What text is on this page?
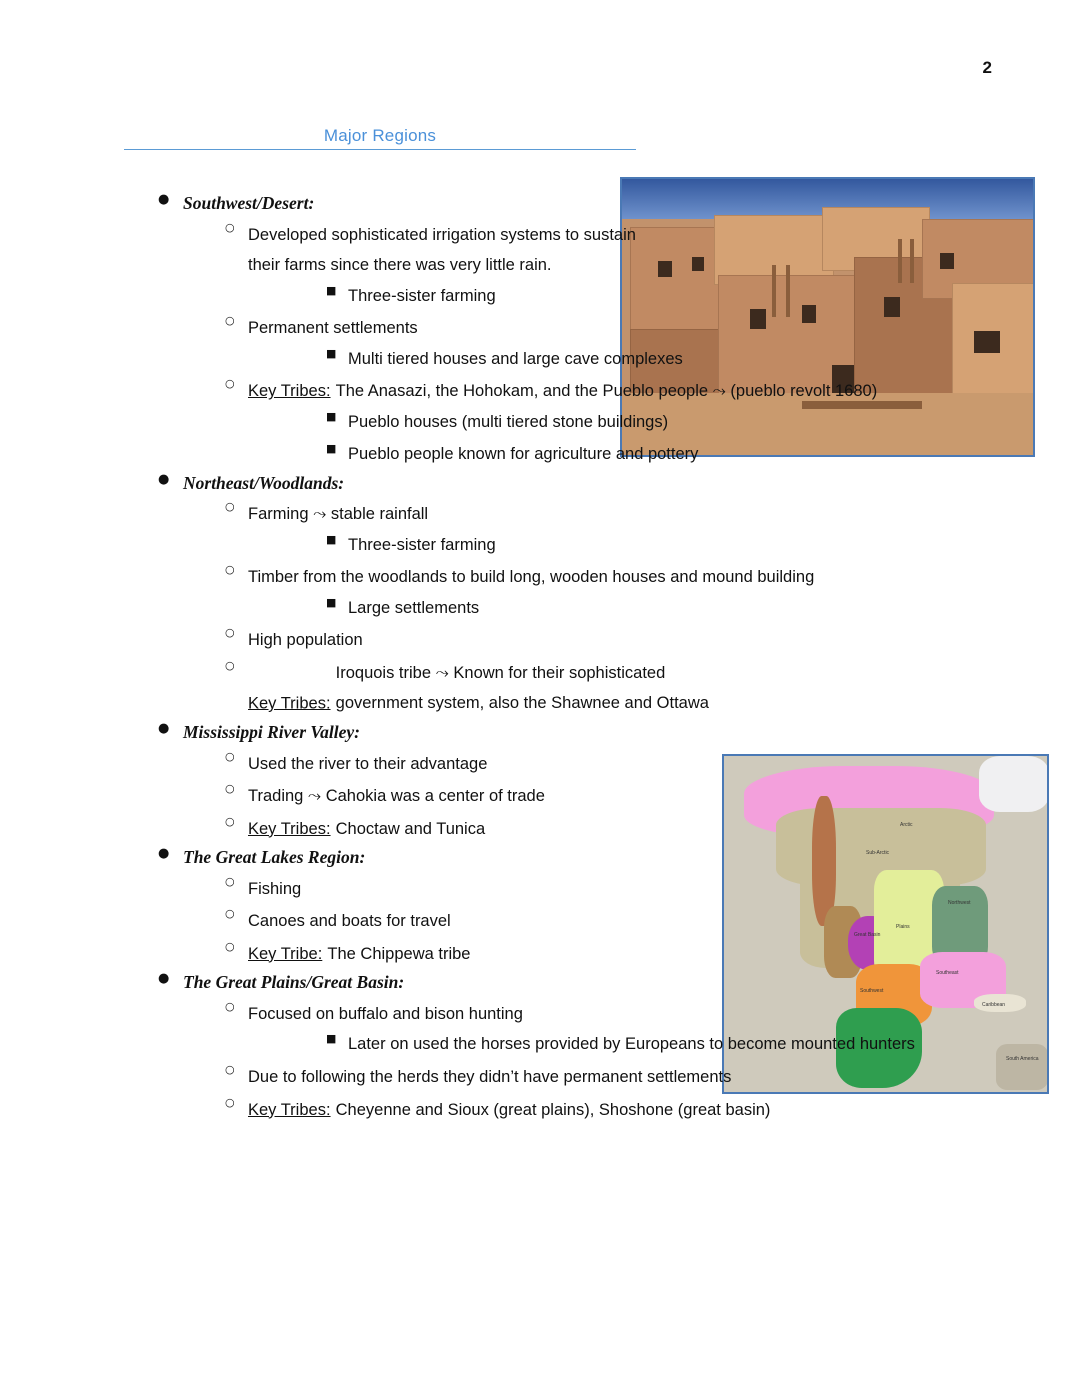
2
Major Regions
Arctic
Sub-Arctic
Northwest
Plains
Great Basin
Southwest
Southeast
Caribbean
South America
● Southwest/Desert:
○ Developed sophisticated irrigation systems to sustain their farms since there was very little rain.
■ Three-sister farming
○ Permanent settlements
■ Multi tiered houses and large cave complexes
○ Key Tribes: The Anasazi, the Hohokam, and the Pueblo people ⤳ (pueblo revolt 1680)
■ Pueblo houses (multi tiered stone buildings)
■ Pueblo people known for agriculture and pottery
● Northeast/Woodlands:
○ Farming ⤳ stable rainfall
■ Three-sister farming
○ Timber from the woodlands to build long, wooden houses and mound building
■ Large settlements
○ High population
○ Key Tribes: Iroquois tribe ⤳ Known for their sophisticated government system, also the Shawnee and Ottawa
● Mississippi River Valley:
○ Used the river to their advantage
○ Trading ⤳ Cahokia was a center of trade
○ Key Tribes: Choctaw and Tunica
● The Great Lakes Region:
○ Fishing
○ Canoes and boats for travel
○ Key Tribe: The Chippewa tribe
● The Great Plains/Great Basin:
○ Focused on buffalo and bison hunting
■ Later on used the horses provided by Europeans to become mounted hunters
○ Due to following the herds they didn’t have permanent settlements
○ Key Tribes: Cheyenne and Sioux (great plains), Shoshone (great basin)
